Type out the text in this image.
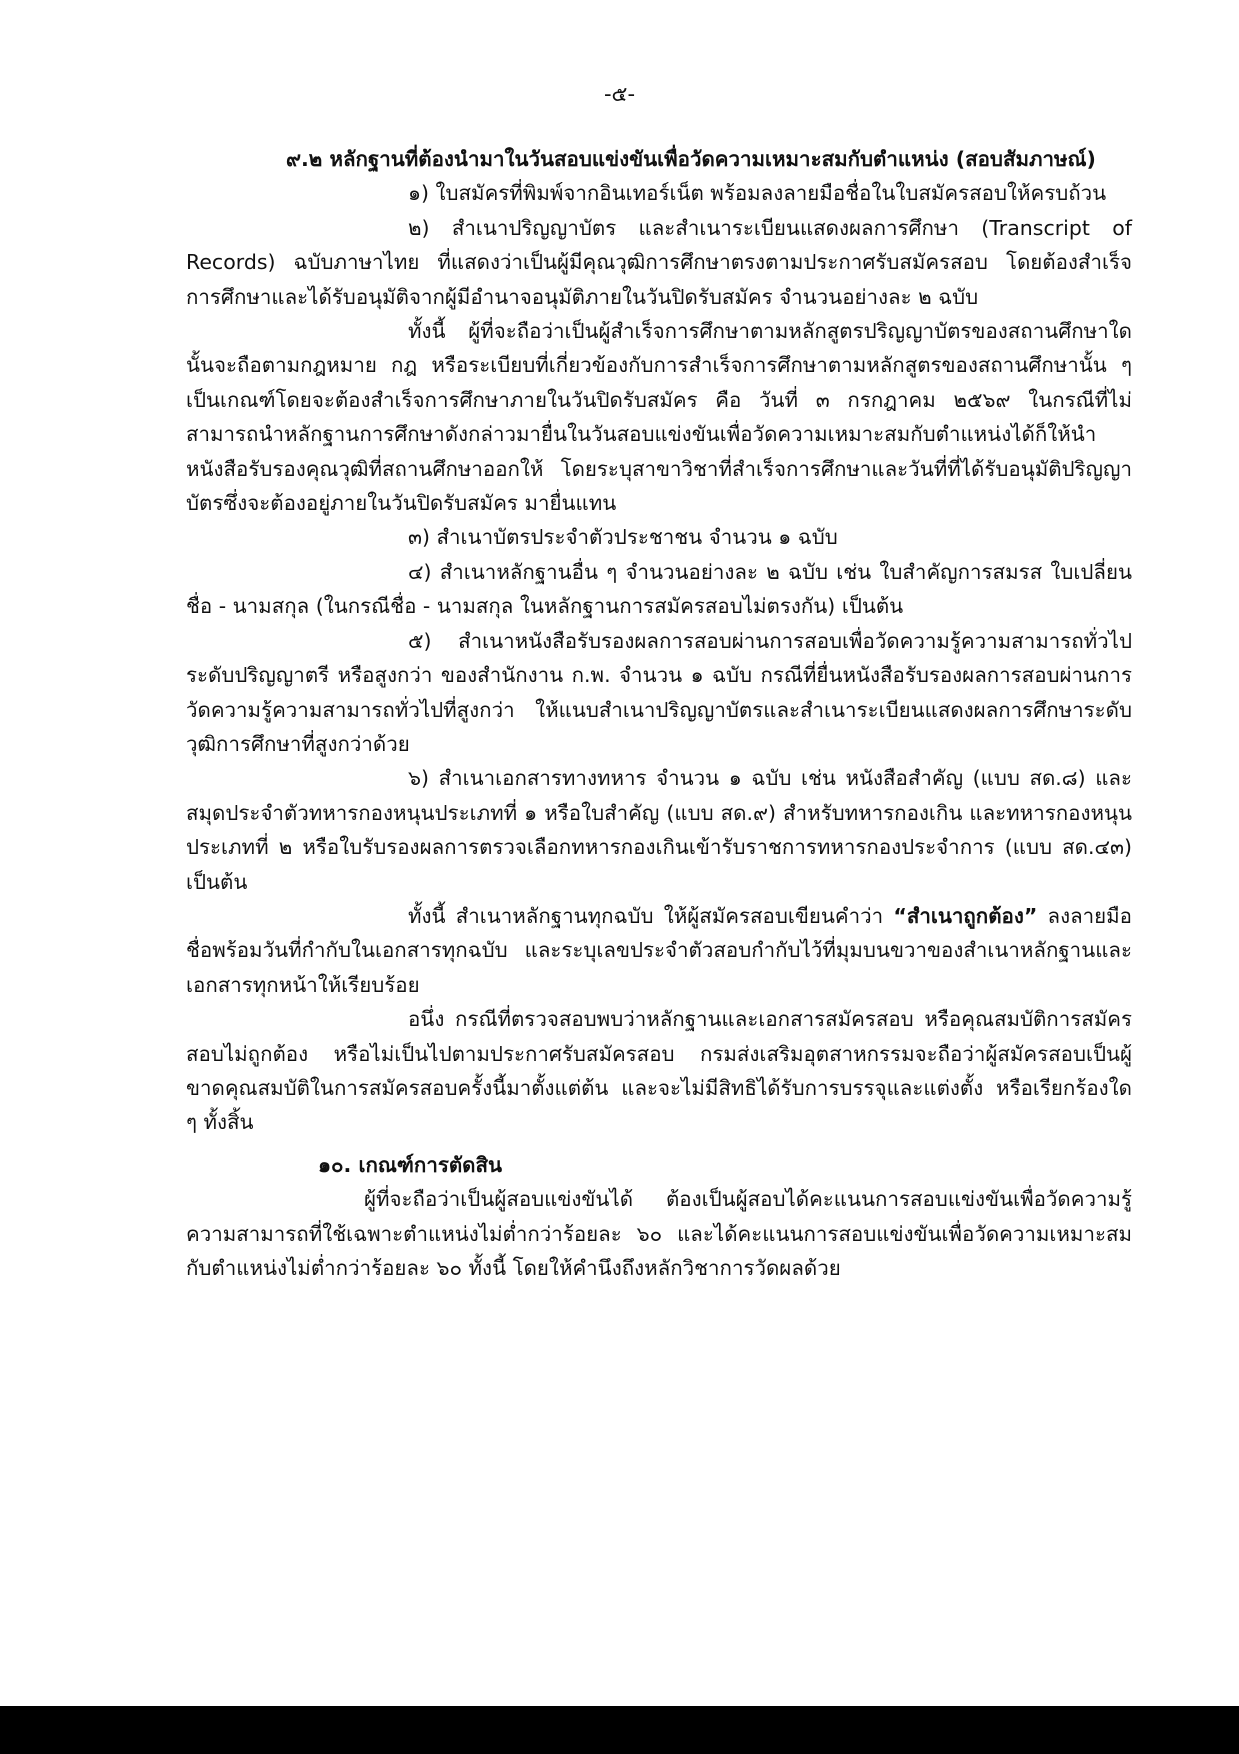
-๕-

๙.๒ หลักฐานที่ต้องนำมาในวันสอบแข่งขันเพื่อวัดความเหมาะสมกับตำแหน่ง (สอบสัมภาษณ์)

๑) ใบสมัครที่พิมพ์จากอินเทอร์เน็ต พร้อมลงลายมือชื่อในใบสมัครสอบให้ครบถ้วน

๒) สำเนาปริญญาบัตร และสำเนาระเบียนแสดงผลการศึกษา (Transcript of Records) ฉบับภาษาไทย ที่แสดงว่าเป็นผู้มีคุณวุฒิการศึกษาตรงตามประกาศรับสมัครสอบ โดยต้องสำเร็จการศึกษาและได้รับอนุมัติจากผู้มีอำนาจอนุมัติภายในวันปิดรับสมัคร จำนวนอย่างละ ๒ ฉบับ

ทั้งนี้ ผู้ที่จะถือว่าเป็นผู้สำเร็จการศึกษาตามหลักสูตรปริญญาบัตรของสถานศึกษาใดนั้นจะถือตามกฎหมาย กฎ หรือระเบียบที่เกี่ยวข้องกับการสำเร็จการศึกษาตามหลักสูตรของสถานศึกษานั้น ๆ เป็นเกณฑ์โดยจะต้องสำเร็จการศึกษาภายในวันปิดรับสมัคร คือ วันที่ ๓ กรกฎาคม ๒๕๖๙ ในกรณีที่ไม่สามารถนำหลักฐานการศึกษาดังกล่าวมายื่นในวันสอบแข่งขันเพื่อวัดความเหมาะสมกับตำแหน่งได้ก็ให้นำหนังสือรับรองคุณวุฒิที่สถานศึกษาออกให้ โดยระบุสาขาวิชาที่สำเร็จการศึกษาและวันที่ที่ได้รับอนุมัติปริญญาบัตรซึ่งจะต้องอยู่ภายในวันปิดรับสมัคร มายื่นแทน

๓) สำเนาบัตรประจำตัวประชาชน จำนวน ๑ ฉบับ

๔) สำเนาหลักฐานอื่น ๆ จำนวนอย่างละ ๒ ฉบับ เช่น ใบสำคัญการสมรส ใบเปลี่ยนชื่อ - นามสกุล (ในกรณีชื่อ - นามสกุล ในหลักฐานการสมัครสอบไม่ตรงกัน) เป็นต้น

๕) สำเนาหนังสือรับรองผลการสอบผ่านการสอบเพื่อวัดความรู้ความสามารถทั่วไประดับปริญญาตรี หรือสูงกว่า ของสำนักงาน ก.พ. จำนวน ๑ ฉบับ กรณีที่ยื่นหนังสือรับรองผลการสอบผ่านการวัดความรู้ความสามารถทั่วไปที่สูงกว่า ให้แนบสำเนาปริญญาบัตรและสำเนาระเบียนแสดงผลการศึกษาระดับวุฒิการศึกษาที่สูงกว่าด้วย

๖) สำเนาเอกสารทางทหาร จำนวน ๑ ฉบับ เช่น หนังสือสำคัญ (แบบ สด.๘) และสมุดประจำตัวทหารกองหนุนประเภทที่ ๑ หรือใบสำคัญ (แบบ สด.๙) สำหรับทหารกองเกิน และทหารกองหนุนประเภทที่ ๒ หรือใบรับรองผลการตรวจเลือกทหารกองเกินเข้ารับราชการทหารกองประจำการ (แบบ สด.๔๓) เป็นต้น

ทั้งนี้ สำเนาหลักฐานทุกฉบับ ให้ผู้สมัครสอบเขียนคำว่า “สำเนาถูกต้อง” ลงลายมือชื่อพร้อมวันที่กำกับในเอกสารทุกฉบับ และระบุเลขประจำตัวสอบกำกับไว้ที่มุมบนขวาของสำเนาหลักฐานและเอกสารทุกหน้าให้เรียบร้อย

อนึ่ง กรณีที่ตรวจสอบพบว่าหลักฐานและเอกสารสมัครสอบ หรือคุณสมบัติการสมัครสอบไม่ถูกต้อง หรือไม่เป็นไปตามประกาศรับสมัครสอบ กรมส่งเสริมอุตสาหกรรมจะถือว่าผู้สมัครสอบเป็นผู้ขาดคุณสมบัติในการสมัครสอบครั้งนี้มาตั้งแต่ต้น และจะไม่มีสิทธิได้รับการบรรจุและแต่งตั้ง หรือเรียกร้องใด ๆ ทั้งสิ้น

๑๐. เกณฑ์การตัดสิน

ผู้ที่จะถือว่าเป็นผู้สอบแข่งขันได้ ต้องเป็นผู้สอบได้คะแนนการสอบแข่งขันเพื่อวัดความรู้ความสามารถที่ใช้เฉพาะตำแหน่งไม่ต่ำกว่าร้อยละ ๖๐ และได้คะแนนการสอบแข่งขันเพื่อวัดความเหมาะสมกับตำแหน่งไม่ต่ำกว่าร้อยละ ๖๐ ทั้งนี้ โดยให้คำนึงถึงหลักวิชาการวัดผลด้วย
